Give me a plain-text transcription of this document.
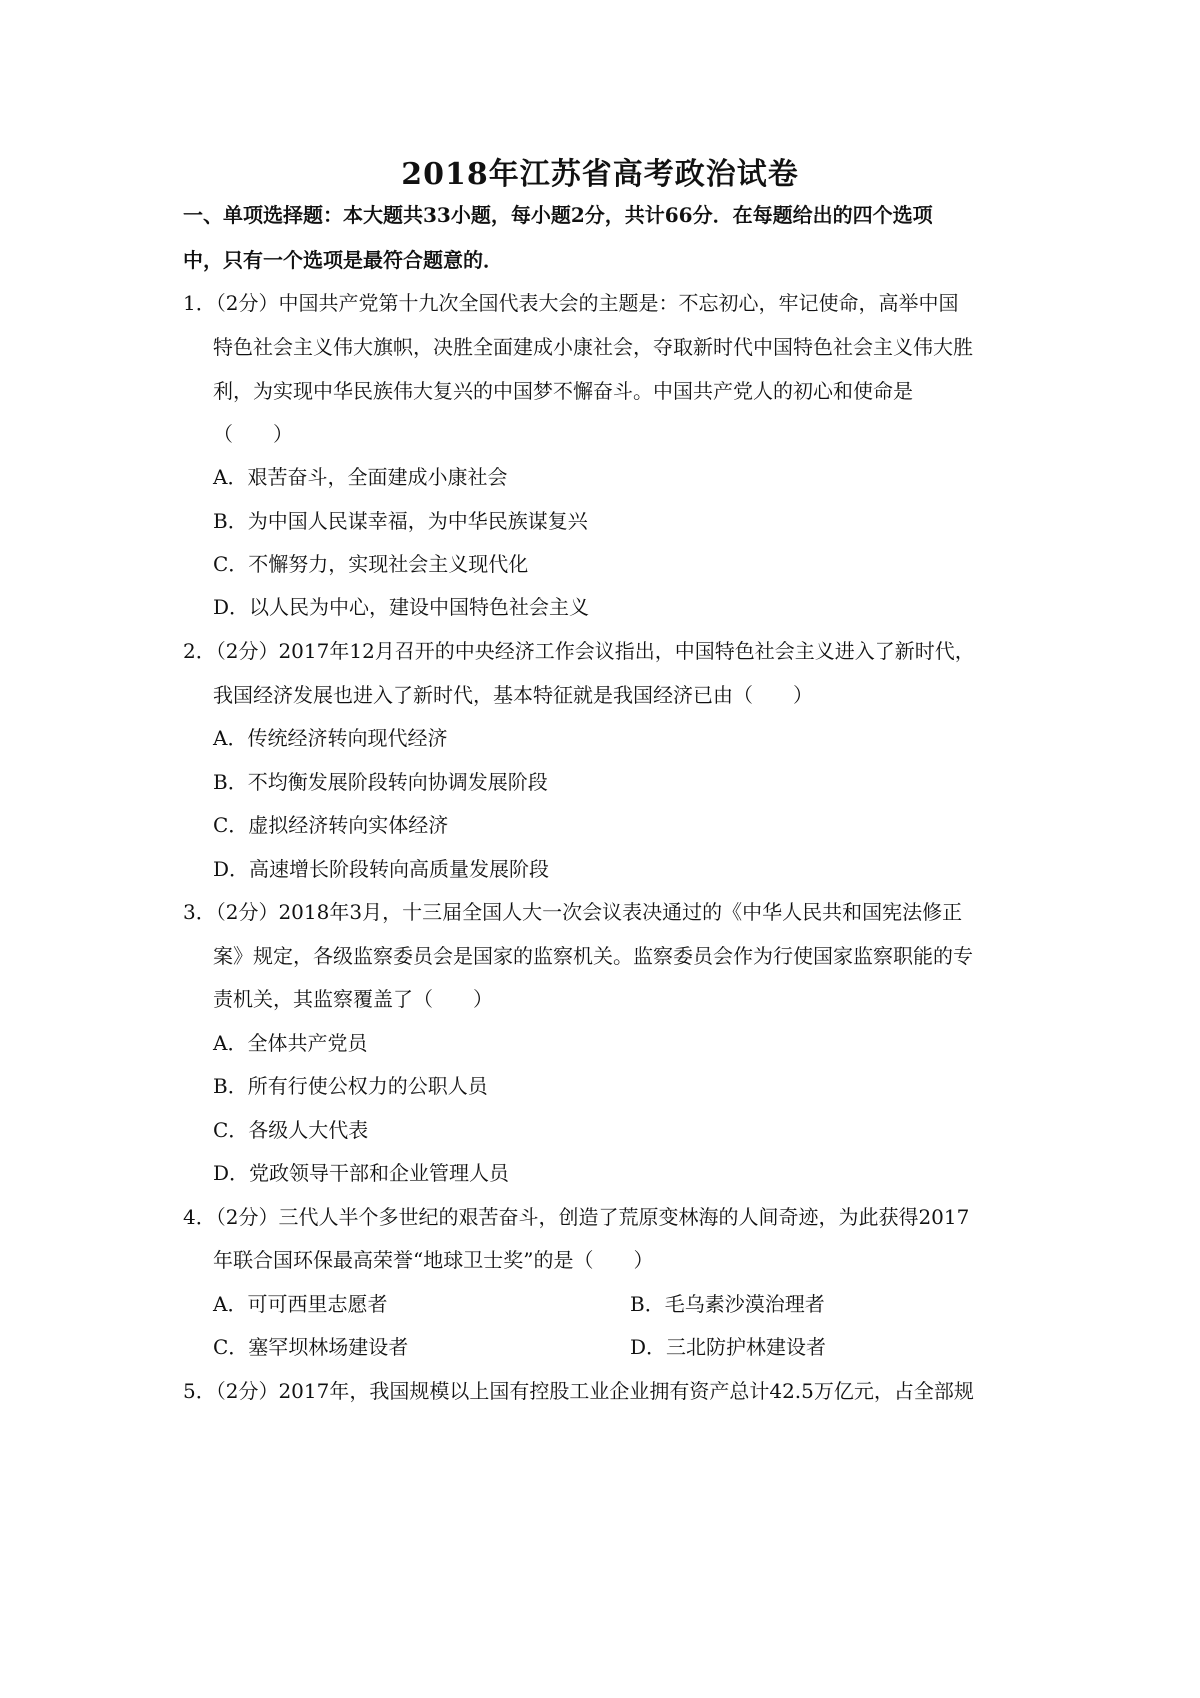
2018年江苏省高考政治试卷
一、单项选择题：本大题共33小题，每小题2分，共计66分．在每题给出的四个选项
中，只有一个选项是最符合题意的．
1．（2分）中国共产党第十九次全国代表大会的主题是：不忘初心，牢记使命，高举中国
特色社会主义伟大旗帜，决胜全面建成小康社会，夺取新时代中国特色社会主义伟大胜
利，为实现中华民族伟大复兴的中国梦不懈奋斗。中国共产党人的初心和使命是
（　　）
A．艰苦奋斗，全面建成小康社会
B．为中国人民谋幸福，为中华民族谋复兴
C．不懈努力，实现社会主义现代化
D．以人民为中心，建设中国特色社会主义
2．（2分）2017年12月召开的中央经济工作会议指出，中国特色社会主义进入了新时代，
我国经济发展也进入了新时代，基本特征就是我国经济已由（　　）
A．传统经济转向现代经济
B．不均衡发展阶段转向协调发展阶段
C．虚拟经济转向实体经济
D．高速增长阶段转向高质量发展阶段
3．（2分）2018年3月，十三届全国人大一次会议表决通过的《中华人民共和国宪法修正
案》规定，各级监察委员会是国家的监察机关。监察委员会作为行使国家监察职能的专
责机关，其监察覆盖了（　　）
A．全体共产党员
B．所有行使公权力的公职人员
C．各级人大代表
D．党政领导干部和企业管理人员
4．（2分）三代人半个多世纪的艰苦奋斗，创造了荒原变林海的人间奇迹，为此获得2017
年联合国环保最高荣誉“地球卫士奖”的是（　　）
A．可可西里志愿者	B．毛乌素沙漠治理者
C．塞罕坝林场建设者	D．三北防护林建设者
5．（2分）2017年，我国规模以上国有控股工业企业拥有资产总计42.5万亿元，占全部规
